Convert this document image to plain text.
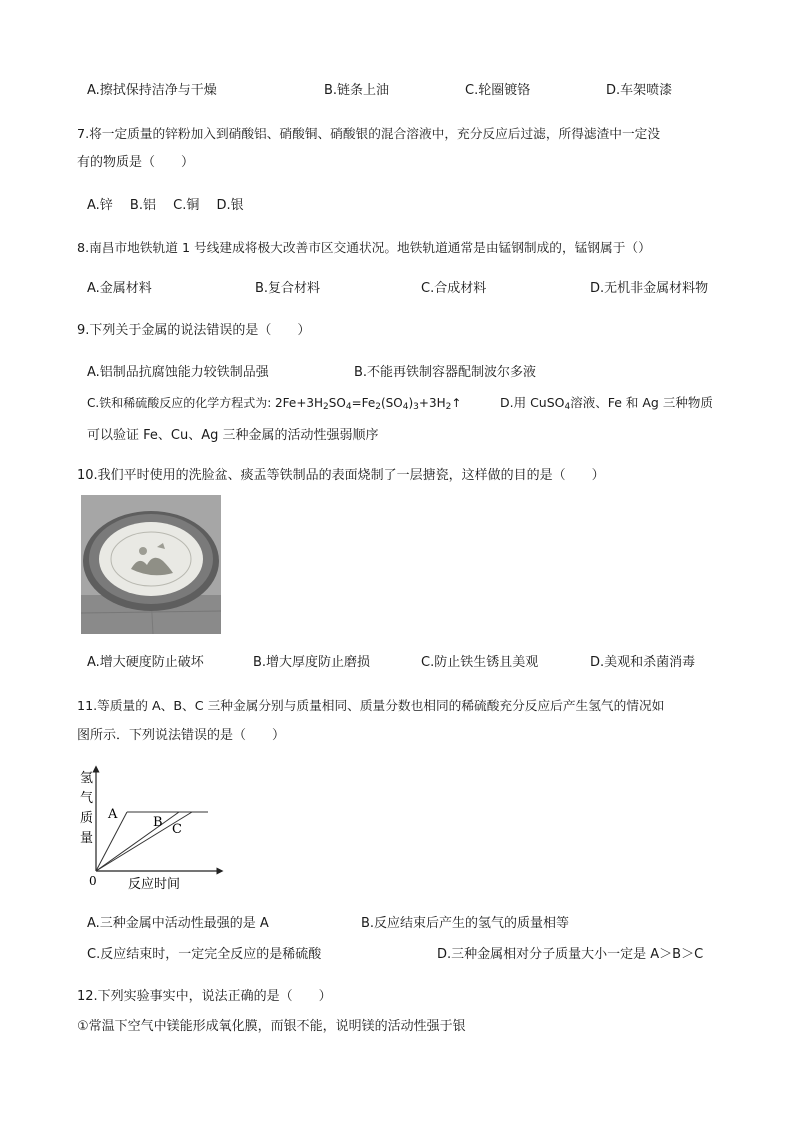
A.擦拭保持洁净与干燥	B.链条上油	C.轮圈镀铬	D.车架喷漆
7.将一定质量的锌粉加入到硝酸铝、硝酸铜、硝酸银的混合溶液中，充分反应后过滤，所得滤渣中一定没
有的物质是（　　）
A.锌　 B.铝　 C.铜　 D.银
8.南昌市地铁轨道 1 号线建成将极大改善市区交通状况。地铁轨道通常是由锰钢制成的，锰钢属于（）
A.金属材料	B.复合材料	C.合成材料	D.无机非金属材料物
9.下列关于金属的说法错误的是（　　）
A.铝制品抗腐蚀能力较铁制品强	B.不能再铁制容器配制波尔多液
C.铁和稀硫酸反应的化学方程式为: $2Fe+3H_2SO_4=Fe_2(SO_4)_3+3H_2↑$	D.用 CuSO$_4$溶液、Fe 和 Ag 三种物质
可以验证 Fe、Cu、Ag 三种金属的活动性强弱顺序
10.我们平时使用的洗脸盆、痰盂等铁制品的表面烧制了一层搪瓷，这样做的目的是（　　）
A.增大硬度防止破坏	B.增大厚度防止磨损	C.防止铁生锈且美观	D.美观和杀菌消毒
11.等质量的 A、B、C 三种金属分别与质量相同、质量分数也相同的稀硫酸充分反应后产生氢气的情况如
图所示．下列说法错误的是（　　）
氢
气
质
量
0 反应时间
A
B C
A.三种金属中活动性最强的是 A	B.反应结束后产生的氢气的质量相等
C.反应结束时，一定完全反应的是稀硫酸	D.三种金属相对分子质量大小一定是 A＞B＞C
12.下列实验事实中，说法正确的是（　　）
①常温下空气中镁能形成氧化膜，而银不能，说明镁的活动性强于银
